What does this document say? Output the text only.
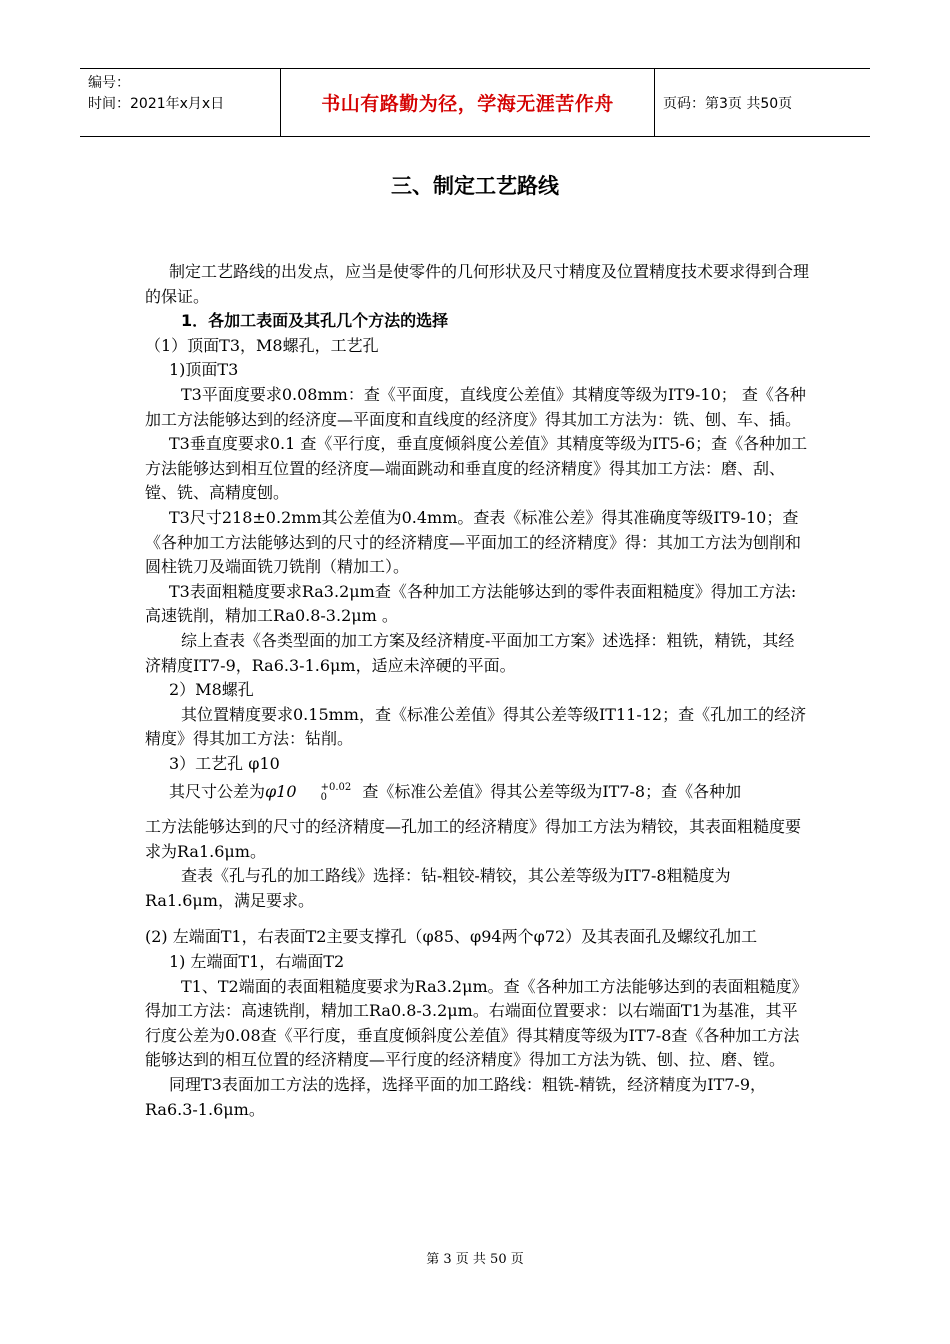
编号：
时间：2021年x月x日	书山有路勤为径，学海无涯苦作舟	页码：第3页 共50页
三、制定工艺路线

制定工艺路线的出发点，应当是使零件的几何形状及尺寸精度及位置精度技术要求得到合理的保证。

1．各加工表面及其孔几个方法的选择

（1）顶面T3，M8螺孔，工艺孔

1)顶面T3

T3平面度要求0.08mm：查《平面度，直线度公差值》其精度等级为IT9-10； 查《各种加工方法能够达到的经济度—平面度和直线度的经济度》得其加工方法为：铣、刨、车、插。

T3垂直度要求0.1 查《平行度，垂直度倾斜度公差值》其精度等级为IT5-6；查《各种加工方法能够达到相互位置的经济度—端面跳动和垂直度的经济精度》得其加工方法：磨、刮、镗、铣、高精度刨。

T3尺寸218±0.2mm其公差值为0.4mm。查表《标准公差》得其准确度等级IT9-10；查《各种加工方法能够达到的尺寸的经济精度—平面加工的经济精度》得：其加工方法为刨削和圆柱铣刀及端面铣刀铣削（精加工）。

T3表面粗糙度要求Ra3.2μm查《各种加工方法能够达到的零件表面粗糙度》得加工方法:高速铣削，精加工Ra0.8-3.2μm 。

综上查表《各类型面的加工方案及经济精度-平面加工方案》述选择：粗铣，精铣，其经济精度IT7-9，Ra6.3-1.6μm，适应未淬硬的平面。

2）M8螺孔

其位置精度要求0.15mm，查《标准公差值》得其公差等级IT11-12；查《孔加工的经济精度》得其加工方法：钻削。

3）工艺孔 φ10

其尺寸公差为φ10	+0.02
0	查《标准公差值》得其公差等级为IT7-8；查《各种加

工方法能够达到的尺寸的经济精度—孔加工的经济精度》得加工方法为精铰，其表面粗糙度要求为Ra1.6μm。

查表《孔与孔的加工路线》选择：钻-粗铰-精铰，其公差等级为IT7-8粗糙度为 Ra1.6μm，满足要求。

(2) 左端面T1，右表面T2主要支撑孔（φ85、φ94两个φ72）及其表面孔及螺纹孔加工

1) 左端面T1，右端面T2

T1、T2端面的表面粗糙度要求为Ra3.2μm。查《各种加工方法能够达到的表面粗糙度》得加工方法：高速铣削，精加工Ra0.8-3.2μm。右端面位置要求：以右端面T1为基准，其平行度公差为0.08查《平行度，垂直度倾斜度公差值》得其精度等级为IT7-8查《各种加工方法能够达到的相互位置的经济精度—平行度的经济精度》得加工方法为铣、刨、拉、磨、镗。

同理T3表面加工方法的选择，选择平面的加工路线：粗铣-精铣，经济精度为IT7-9，Ra6.3-1.6μm。

第 3 页 共 50 页
